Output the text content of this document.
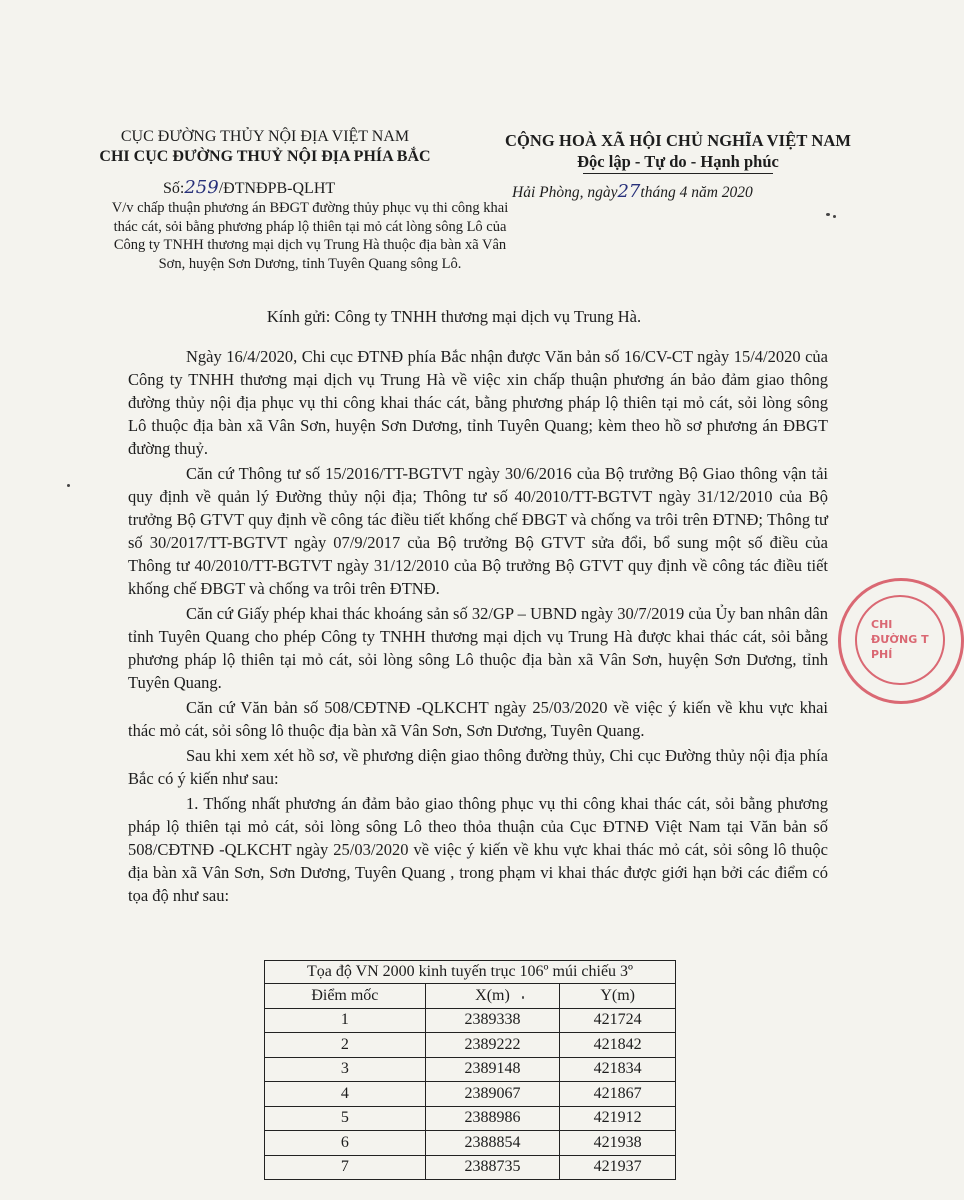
CỤC ĐƯỜNG THỦY NỘI ĐỊA VIỆT NAM
CHI CỤC ĐƯỜNG THUỶ NỘI ĐỊA PHÍA BẮC
Số:259/ĐTNĐPB-QLHT
V/v chấp thuận phương án BĐGT đường thủy phục vụ thi công khai thác cát, sỏi bằng phương pháp lộ thiên tại mỏ cát lòng sông Lô của Công ty TNHH thương mại dịch vụ Trung Hà thuộc địa bàn xã Vân Sơn, huyện Sơn Dương, tỉnh Tuyên Quang sông Lô.
CỘNG HOÀ XÃ HỘI CHỦ NGHĨA VIỆT NAM
Độc lập - Tự do - Hạnh phúc
Hải Phòng, ngày27tháng 4 năm 2020
Kính gửi: Công ty TNHH thương mại dịch vụ Trung Hà.

Ngày 16/4/2020, Chi cục ĐTNĐ phía Bắc nhận được Văn bản số 16/CV-CT ngày 15/4/2020 của Công ty TNHH thương mại dịch vụ Trung Hà về việc xin chấp thuận phương án bảo đảm giao thông đường thủy nội địa phục vụ thi công khai thác cát, bằng phương pháp lộ thiên tại mỏ cát, sỏi lòng sông Lô thuộc địa bàn xã Vân Sơn, huyện Sơn Dương, tỉnh Tuyên Quang; kèm theo hồ sơ phương án ĐBGT đường thuỷ.

Căn cứ Thông tư số 15/2016/TT-BGTVT ngày 30/6/2016 của Bộ trưởng Bộ Giao thông vận tải quy định về quản lý Đường thủy nội địa; Thông tư số 40/2010/TT-BGTVT ngày 31/12/2010 của Bộ trưởng Bộ GTVT quy định về công tác điều tiết khống chế ĐBGT và chống va trôi trên ĐTNĐ; Thông tư số 30/2017/TT-BGTVT ngày 07/9/2017 của Bộ trưởng Bộ GTVT sửa đổi, bổ sung một số điều của Thông tư 40/2010/TT-BGTVT ngày 31/12/2010 của Bộ trưởng Bộ GTVT quy định về công tác điều tiết khống chế ĐBGT và chống va trôi trên ĐTNĐ.

Căn cứ Giấy phép khai thác khoáng sản số 32/GP – UBND ngày 30/7/2019 của Ủy ban nhân dân tỉnh Tuyên Quang cho phép Công ty TNHH thương mại dịch vụ Trung Hà được khai thác cát, sỏi bằng phương pháp lộ thiên tại mỏ cát, sỏi lòng sông Lô thuộc địa bàn xã Vân Sơn, huyện Sơn Dương, tỉnh Tuyên Quang.

Căn cứ Văn bản số 508/CĐTNĐ -QLKCHT ngày 25/03/2020 về việc ý kiến về khu vực khai thác mỏ cát, sỏi sông lô thuộc địa bàn xã Vân Sơn, Sơn Dương, Tuyên Quang.

Sau khi xem xét hồ sơ, về phương diện giao thông đường thủy, Chi cục Đường thủy nội địa phía Bắc có ý kiến như sau:

1. Thống nhất phương án đảm bảo giao thông phục vụ thi công khai thác cát, sỏi bằng phương pháp lộ thiên tại mỏ cát, sỏi lòng sông Lô theo thỏa thuận của Cục ĐTNĐ Việt Nam tại Văn bản số 508/CĐTNĐ -QLKCHT ngày 25/03/2020 về việc ý kiến về khu vực khai thác mỏ cát, sỏi sông lô thuộc địa bàn xã Vân Sơn, Sơn Dương, Tuyên Quang , trong phạm vi khai thác được giới hạn bởi các điểm có tọa độ như sau:

Tọa độ VN 2000 kinh tuyến trục 106º múi chiếu 3º		
Điểm mốc	X(m)	Y(m)
1	2389338	421724
2	2389222	421842
3	2389148	421834
4	2389067	421867
5	2388986	421912
6	2388854	421938
7	2388735	421937
CHI
ĐƯỜNG T
PHÍ
